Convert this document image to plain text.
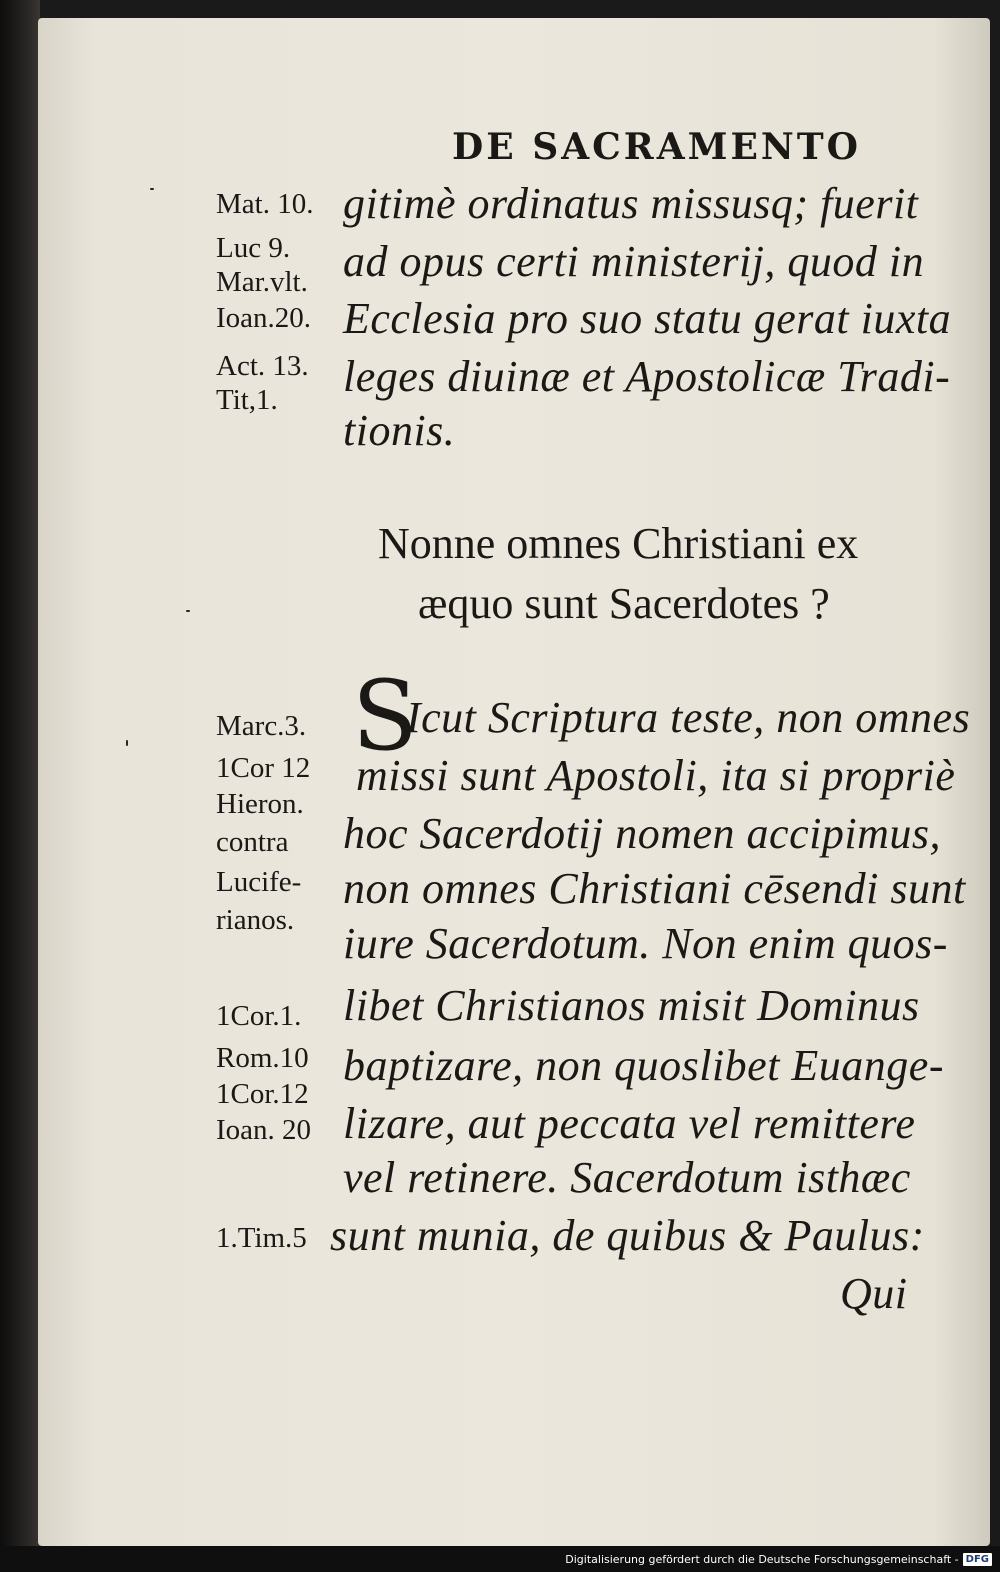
DE SACRAMENTO
Mat. 10.
Luc 9.
Mar.vlt.
Ioan.20.
Act. 13.
Tit,1.
gitimè ordinatus missusq; fuerit
ad opus certi ministerij, quod in
Ecclesia pro suo statu gerat iuxta
leges diuinæ et Apostolicæ Tradi-
tionis.
Nonne omnes Christiani ex
æquo sunt Sacerdotes ?
Marc.3.
1Cor 12
Hieron.
contra
Lucife-
rianos.
1Cor.1.
Rom.10
1Cor.12
Ioan. 20
1.Tim.5
S
Icut Scriptura teste, non omnes
missi sunt Apostoli, ita si propriè
hoc Sacerdotij nomen accipimus,
non omnes Christiani cēsendi sunt
iure Sacerdotum. Non enim quos-
libet Christianos misit Dominus
baptizare, non quoslibet Euange-
lizare, aut peccata vel remittere
vel retinere. Sacerdotum isthæc
sunt munia, de quibus & Paulus:
Qui
Digitalisierung gefördert durch die Deutsche Forschungsgemeinschaft - DFG
